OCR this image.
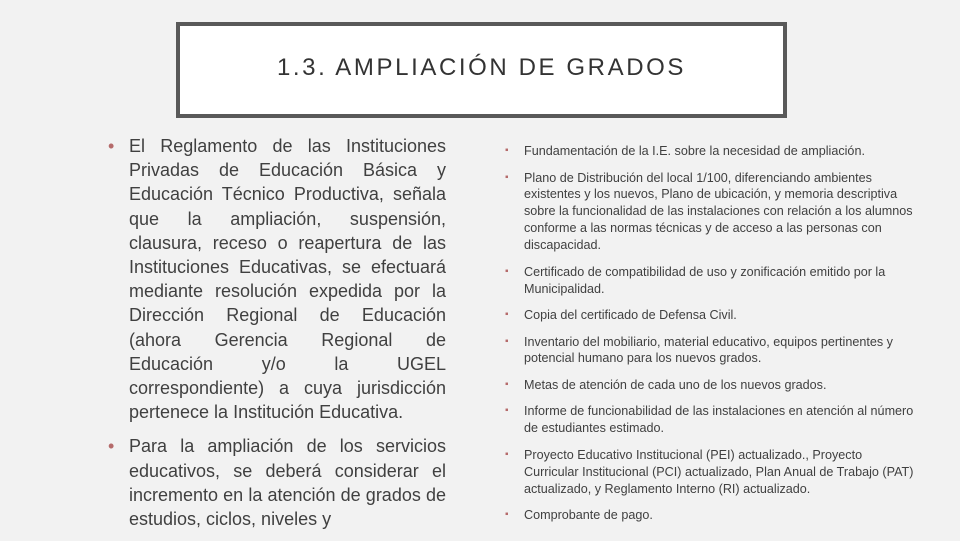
1.3. AMPLIACIÓN DE GRADOS
• El Reglamento de las Instituciones Privadas de Educación Básica y Educación Técnico Productiva, señala que la ampliación, suspensión, clausura, receso o reapertura de las Instituciones Educativas, se efectuará mediante resolución expedida por la Dirección Regional de Educación (ahora Gerencia Regional de Educación y/o la UGEL correspondiente) a cuya jurisdicción pertenece la Institución Educativa.
• Para la ampliación de los servicios educativos, se deberá considerar el incremento en la atención de grados de estudios, ciclos, niveles y
▪ Fundamentación de la I.E. sobre la necesidad de ampliación.
▪ Plano de Distribución del local 1/100, diferenciando ambientes existentes y los nuevos, Plano de ubicación, y memoria descriptiva sobre la funcionalidad de las instalaciones con relación a los alumnos conforme a las normas técnicas y de acceso a las personas con discapacidad.
▪ Certificado de compatibilidad de uso y zonificación emitido por la Municipalidad.
▪ Copia del certificado de Defensa Civil.
▪ Inventario del mobiliario, material educativo, equipos pertinentes y potencial humano para los nuevos grados.
▪ Metas de atención de cada uno de los nuevos grados.
▪ Informe de funcionabilidad de las instalaciones en atención al número de estudiantes estimado.
▪ Proyecto Educativo Institucional (PEI) actualizado., Proyecto Curricular Institucional (PCI) actualizado, Plan Anual de Trabajo (PAT) actualizado, y Reglamento Interno (RI) actualizado.
▪ Comprobante de pago.
